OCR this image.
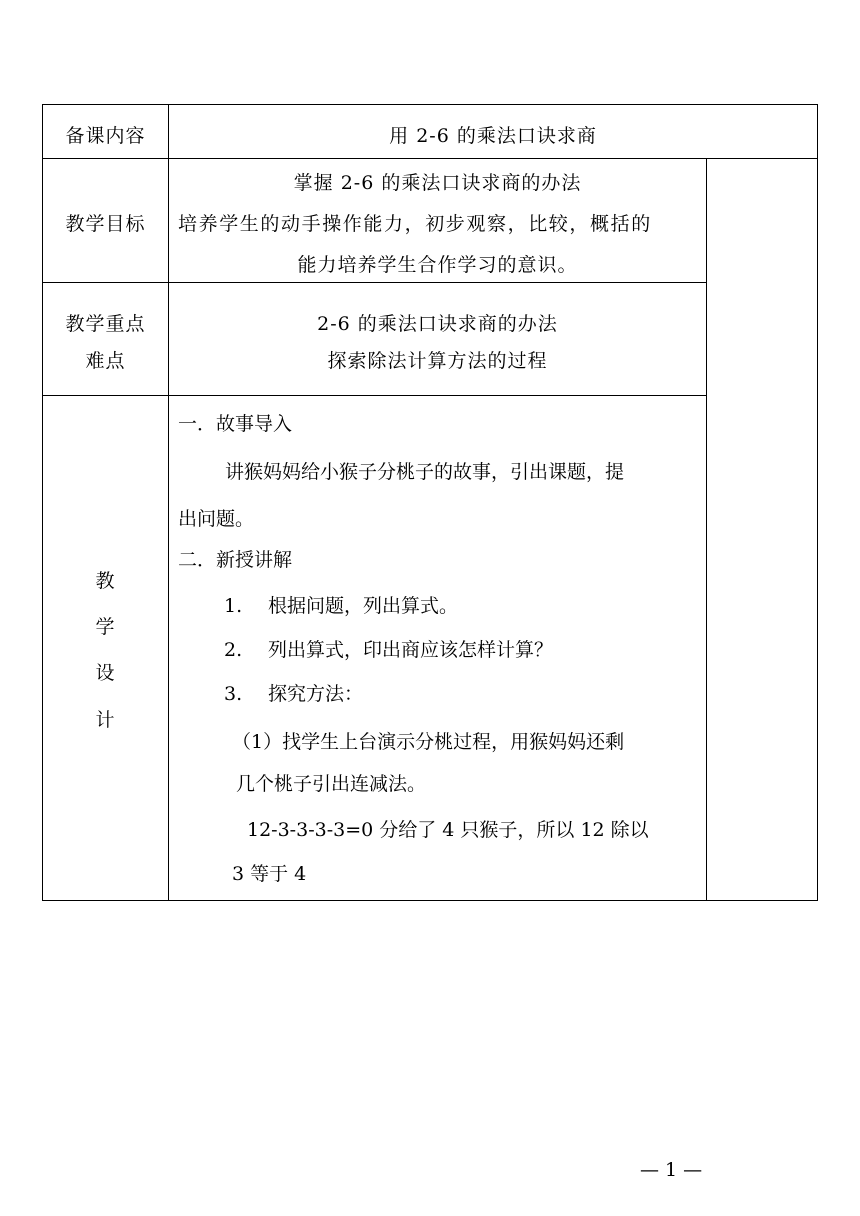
备课内容	用 2-6 的乘法口诀求商
教学目标
掌握 2-6 的乘法口诀求商的办法
培养学生的动手操作能力，初步观察，比较，概括的
能力培养学生合作学习的意识。
教学重点
难点
2-6 的乘法口诀求商的办法
探索除法计算方法的过程
教
学
设
计
一．故事导入
讲猴妈妈给小猴子分桃子的故事，引出课题，提
出问题。
二．新授讲解
1. 根据问题，列出算式。
2. 列出算式，印出商应该怎样计算？
3. 探究方法：
（1）找学生上台演示分桃过程，用猴妈妈还剩
几个桃子引出连减法。
12-3-3-3-3=0 分给了 4 只猴子，所以 12 除以
3 等于 4
— 1 —
